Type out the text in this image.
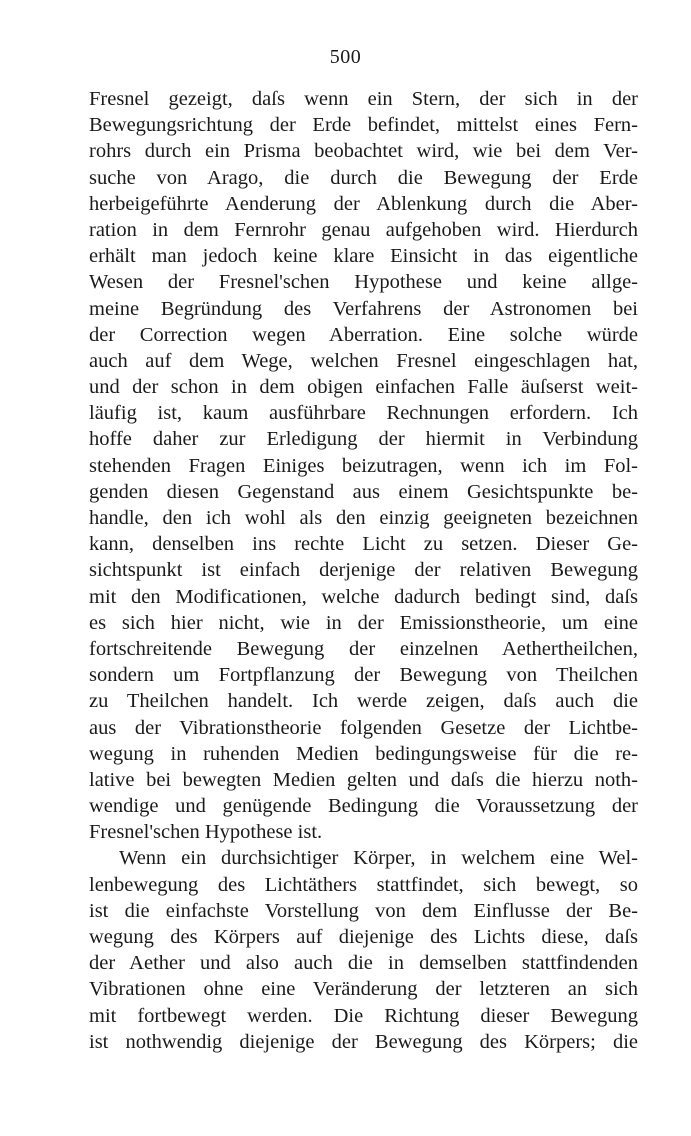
500
Fresnel gezeigt, daſs wenn ein Stern, der sich in der
Bewegungsrichtung der Erde befindet, mittelst eines Fern-
rohrs durch ein Prisma beobachtet wird, wie bei dem Ver-
suche von Arago, die durch die Bewegung der Erde
herbeigeführte Aenderung der Ablenkung durch die Aber-
ration in dem Fernrohr genau aufgehoben wird. Hierdurch
erhält man jedoch keine klare Einsicht in das eigentliche
Wesen der Fresnel'schen Hypothese und keine allge-
meine Begründung des Verfahrens der Astronomen bei
der Correction wegen Aberration. Eine solche würde
auch auf dem Wege, welchen Fresnel eingeschlagen hat,
und der schon in dem obigen einfachen Falle äuſserst weit-
läufig ist, kaum ausführbare Rechnungen erfordern. Ich
hoffe daher zur Erledigung der hiermit in Verbindung
stehenden Fragen Einiges beizutragen, wenn ich im Fol-
genden diesen Gegenstand aus einem Gesichtspunkte be-
handle, den ich wohl als den einzig geeigneten bezeichnen
kann, denselben ins rechte Licht zu setzen. Dieser Ge-
sichtspunkt ist einfach derjenige der relativen Bewegung
mit den Modificationen, welche dadurch bedingt sind, daſs
es sich hier nicht, wie in der Emissionstheorie, um eine
fortschreitende Bewegung der einzelnen Aethertheilchen,
sondern um Fortpflanzung der Bewegung von Theilchen
zu Theilchen handelt. Ich werde zeigen, daſs auch die
aus der Vibrationstheorie folgenden Gesetze der Lichtbe-
wegung in ruhenden Medien bedingungsweise für die re-
lative bei bewegten Medien gelten und daſs die hierzu noth-
wendige und genügende Bedingung die Voraussetzung der
Fresnel'schen Hypothese ist.
Wenn ein durchsichtiger Körper, in welchem eine Wel-
lenbewegung des Lichtäthers stattfindet, sich bewegt, so
ist die einfachste Vorstellung von dem Einflusse der Be-
wegung des Körpers auf diejenige des Lichts diese, daſs
der Aether und also auch die in demselben stattfindenden
Vibrationen ohne eine Veränderung der letzteren an sich
mit fortbewegt werden. Die Richtung dieser Bewegung
ist nothwendig diejenige der Bewegung des Körpers; die
